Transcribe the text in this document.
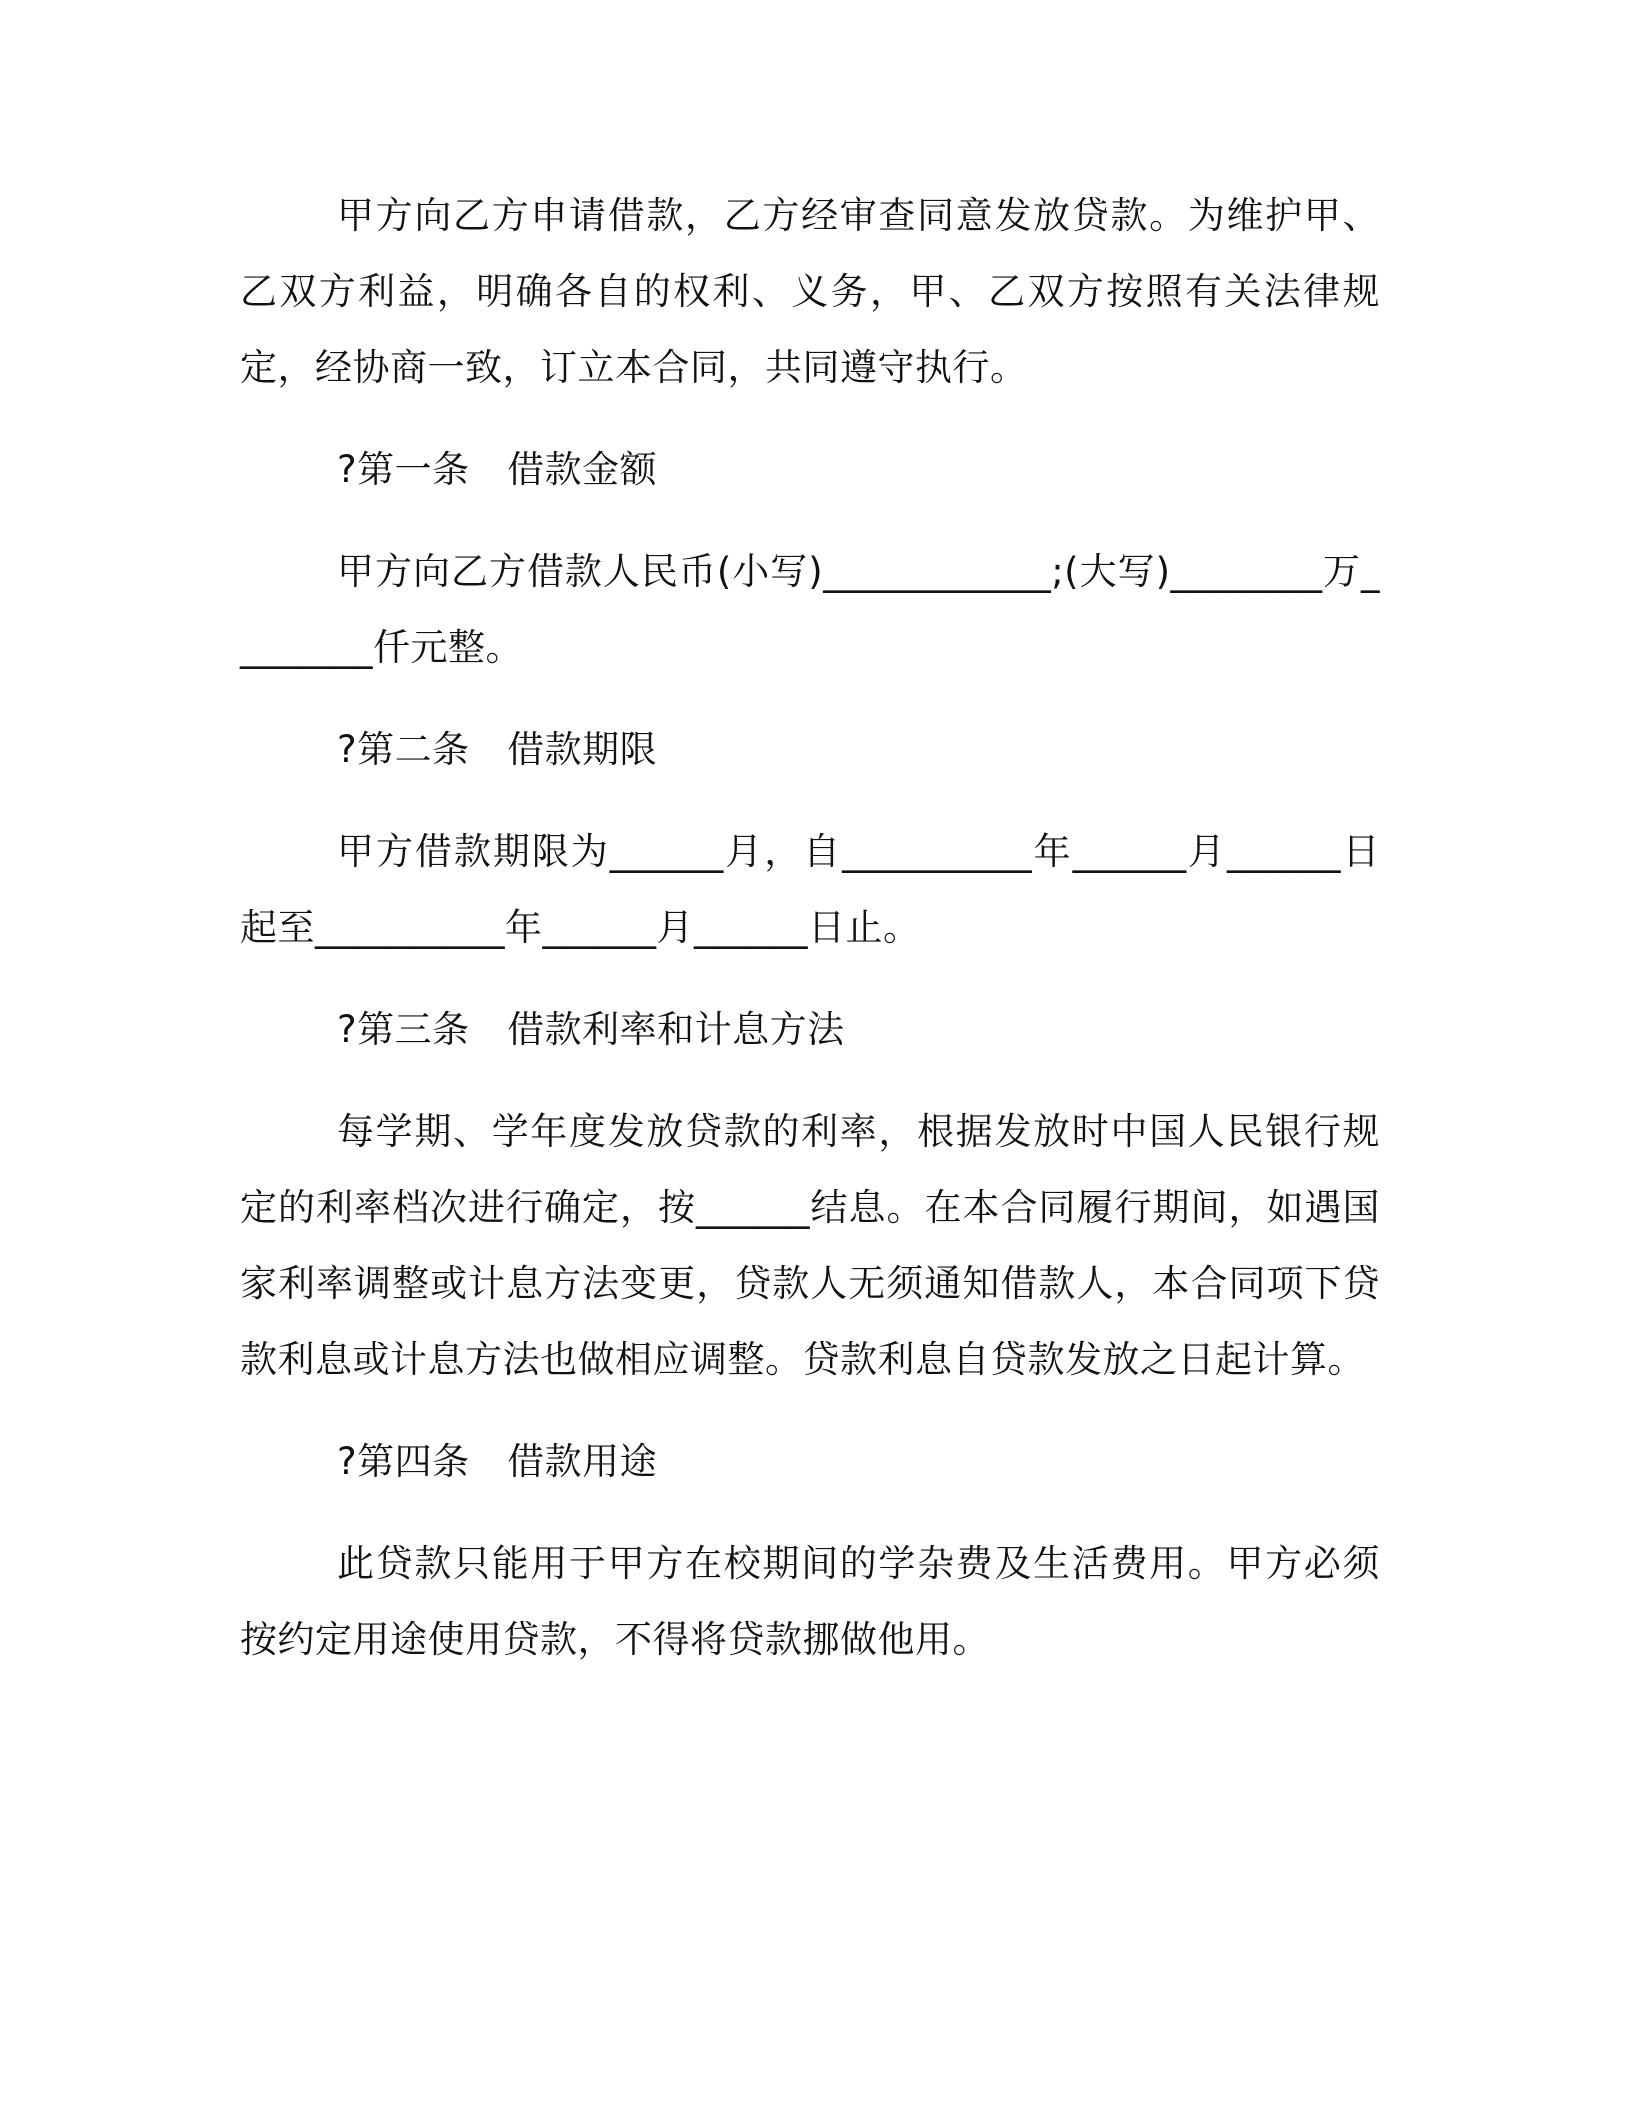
甲方向乙方申请借款，乙方经审查同意发放贷款。为维护甲、乙双方利益，明确各自的权利、义务，甲、乙双方按照有关法律规定，经协商一致，订立本合同，共同遵守执行。

?第一条　借款金额

甲方向乙方借款人民币(小写)____________;(大写)________万________仟元整。

?第二条　借款期限

甲方借款期限为______月，自__________年______月______日起至__________年______月______日止。

?第三条　借款利率和计息方法

每学期、学年度发放贷款的利率，根据发放时中国人民银行规定的利率档次进行确定，按______结息。在本合同履行期间，如遇国家利率调整或计息方法变更，贷款人无须通知借款人，本合同项下贷款利息或计息方法也做相应调整。贷款利息自贷款发放之日起计算。

?第四条　借款用途

此贷款只能用于甲方在校期间的学杂费及生活费用。甲方必须按约定用途使用贷款，不得将贷款挪做他用。
